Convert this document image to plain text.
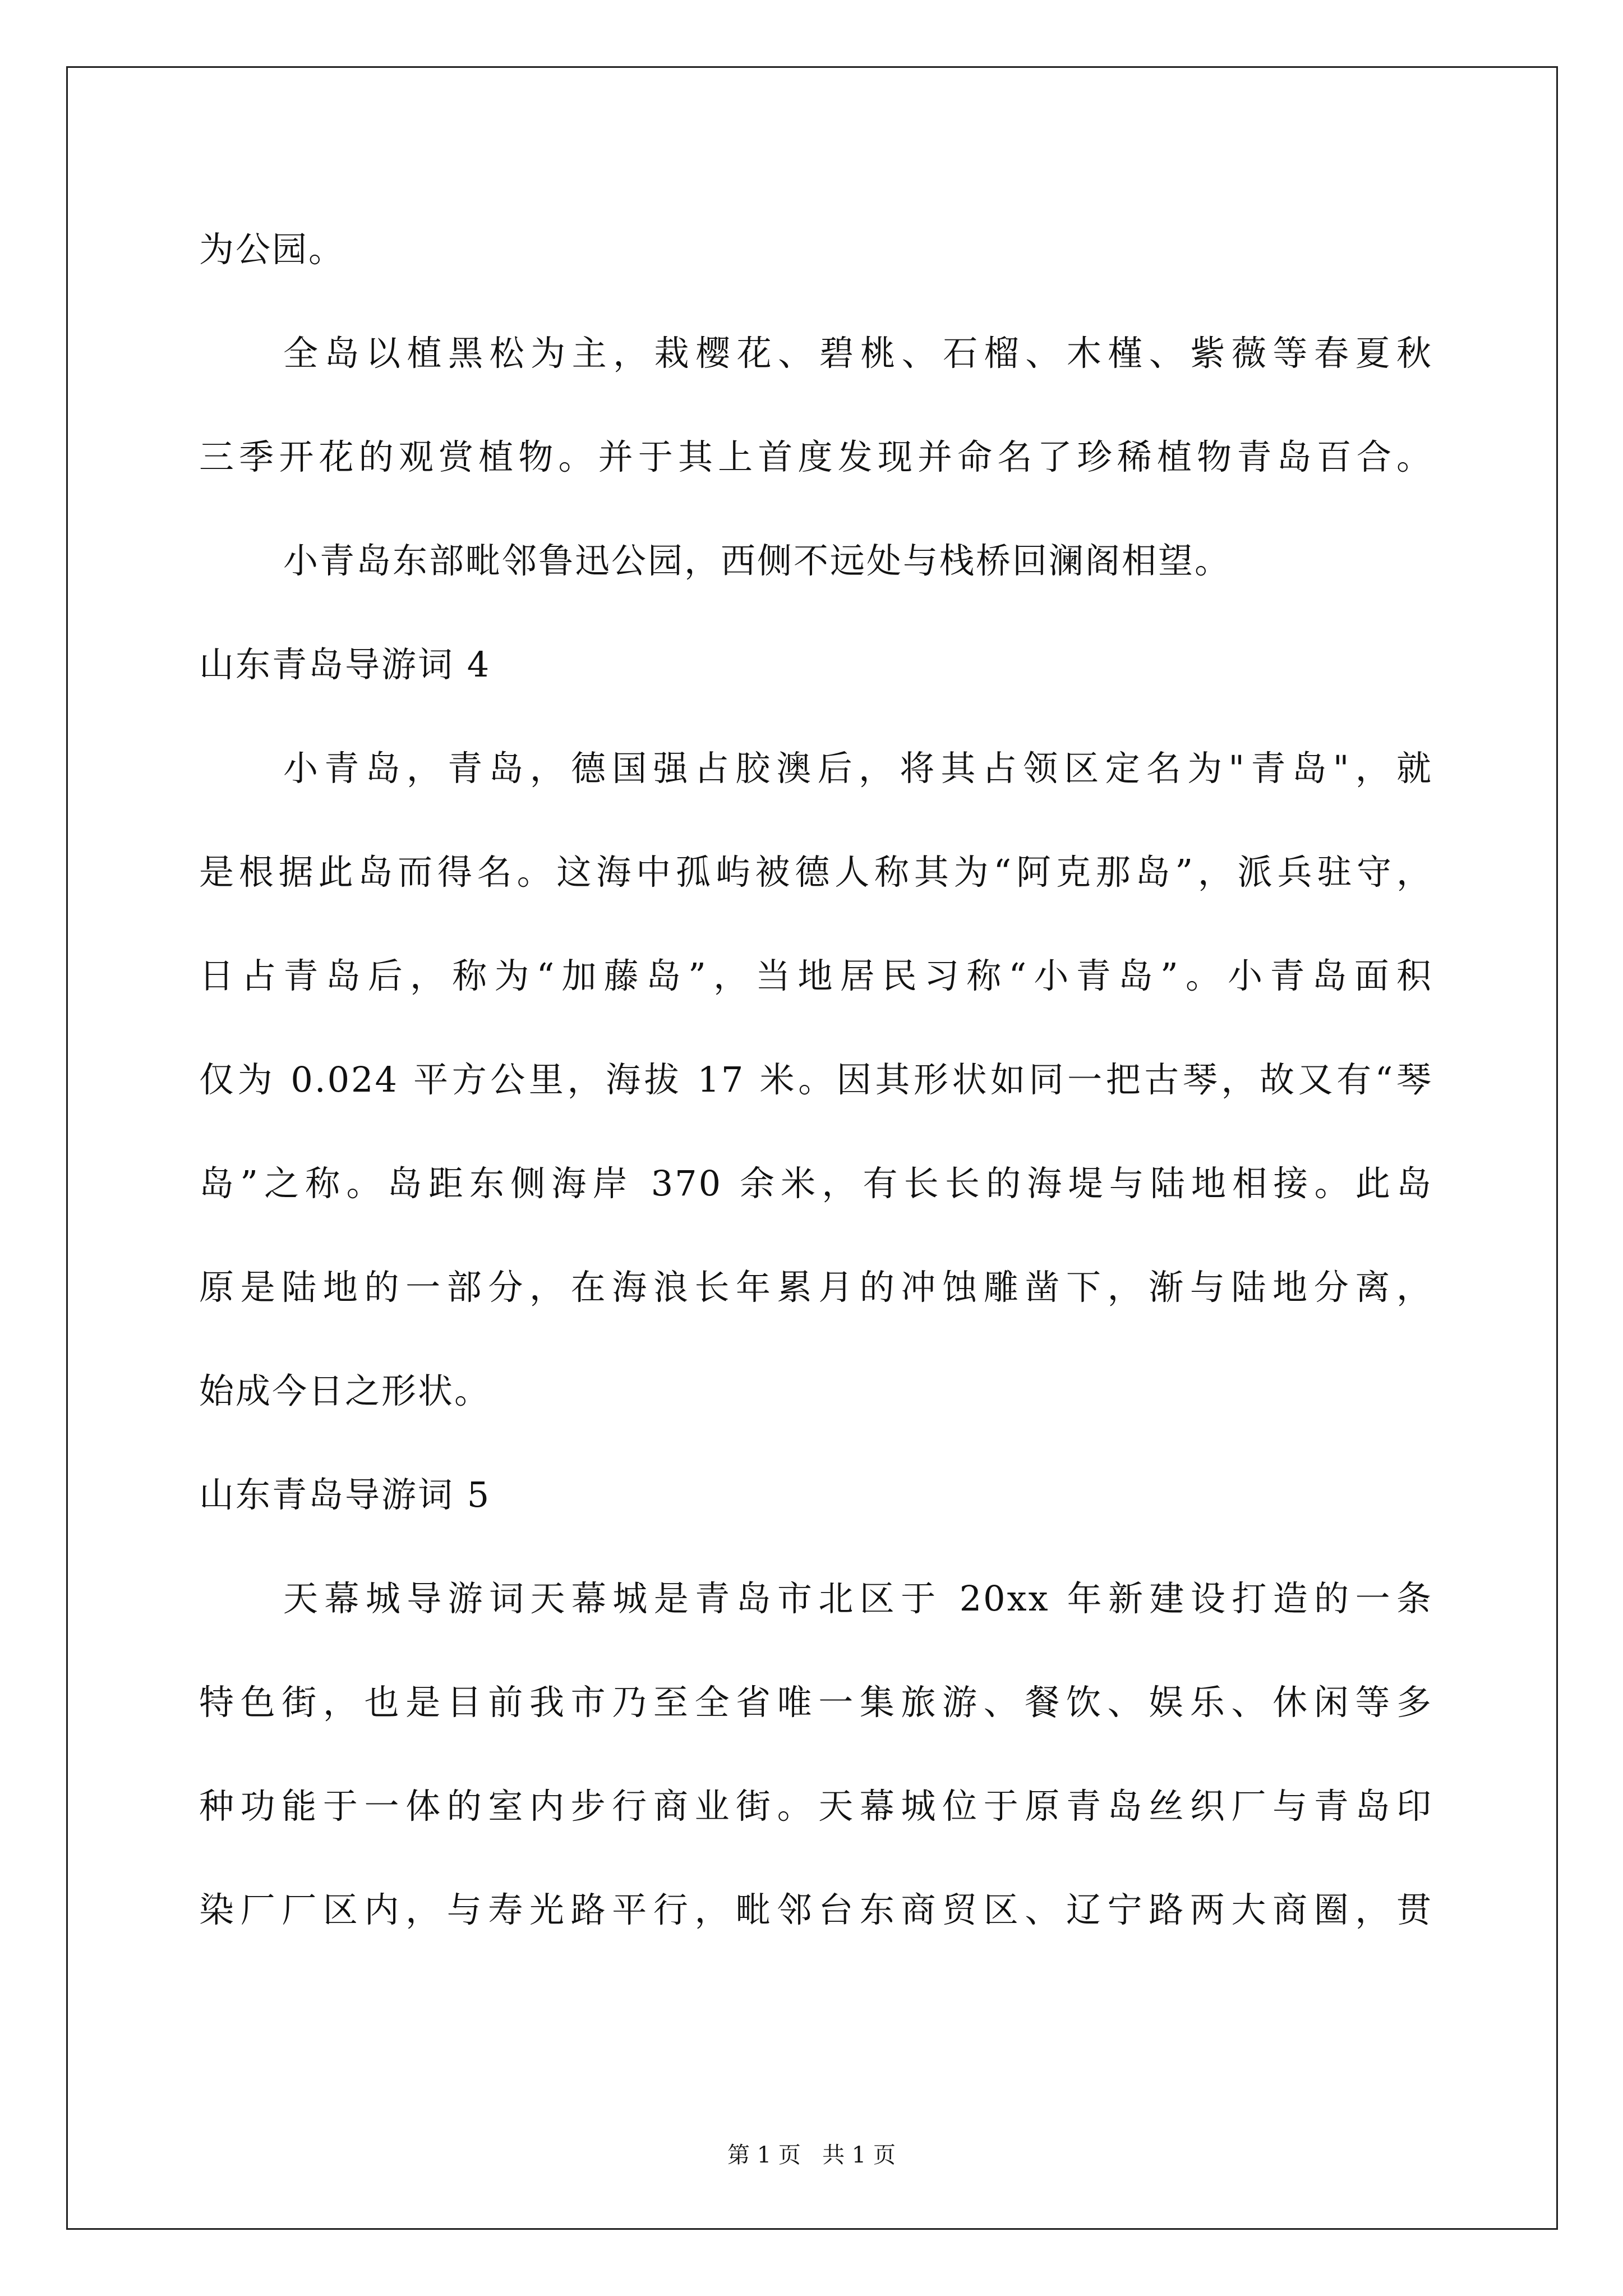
为公园。
全岛以植黑松为主，栽樱花、碧桃、石榴、木槿、紫薇等春夏秋
三季开花的观赏植物。并于其上首度发现并命名了珍稀植物青岛百合。
小青岛东部毗邻鲁迅公园，西侧不远处与栈桥回澜阁相望。
山东青岛导游词 4
小青岛，青岛，德国强占胶澳后，将其占领区定名为"青岛"，就
是根据此岛而得名。这海中孤屿被德人称其为“阿克那岛”，派兵驻守，
日占青岛后，称为“加藤岛”，当地居民习称“小青岛”。小青岛面积
仅为 0.024 平方公里，海拔 17 米。因其形状如同一把古琴，故又有“琴
岛”之称。岛距东侧海岸 370 余米，有长长的海堤与陆地相接。此岛
原是陆地的一部分，在海浪长年累月的冲蚀雕凿下，渐与陆地分离，
始成今日之形状。
山东青岛导游词 5
天幕城导游词天幕城是青岛市北区于 20xx 年新建设打造的一条
特色街，也是目前我市乃至全省唯一集旅游、餐饮、娱乐、休闲等多
种功能于一体的室内步行商业街。天幕城位于原青岛丝织厂与青岛印
染厂厂区内，与寿光路平行，毗邻台东商贸区、辽宁路两大商圈，贯
第 1 页   共 1 页
